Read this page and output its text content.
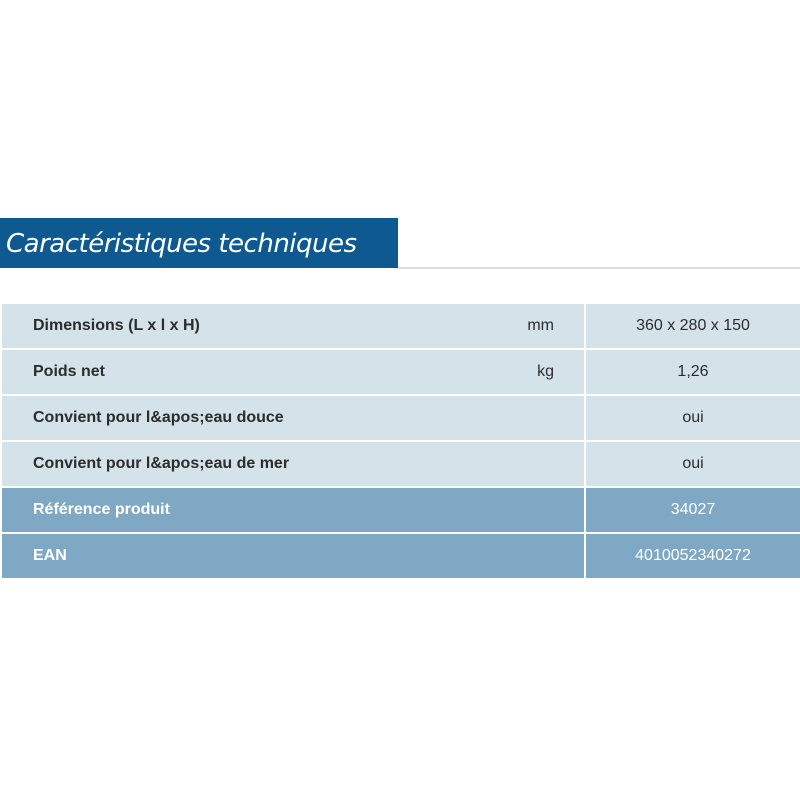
Caractéristiques techniques
Dimensions (L x l x H)	mm	360 x 280 x 150
Poids net	kg	1,26
Convient pour l&apos;eau douce	oui
Convient pour l&apos;eau de mer	oui
Référence produit	34027
EAN	4010052340272
